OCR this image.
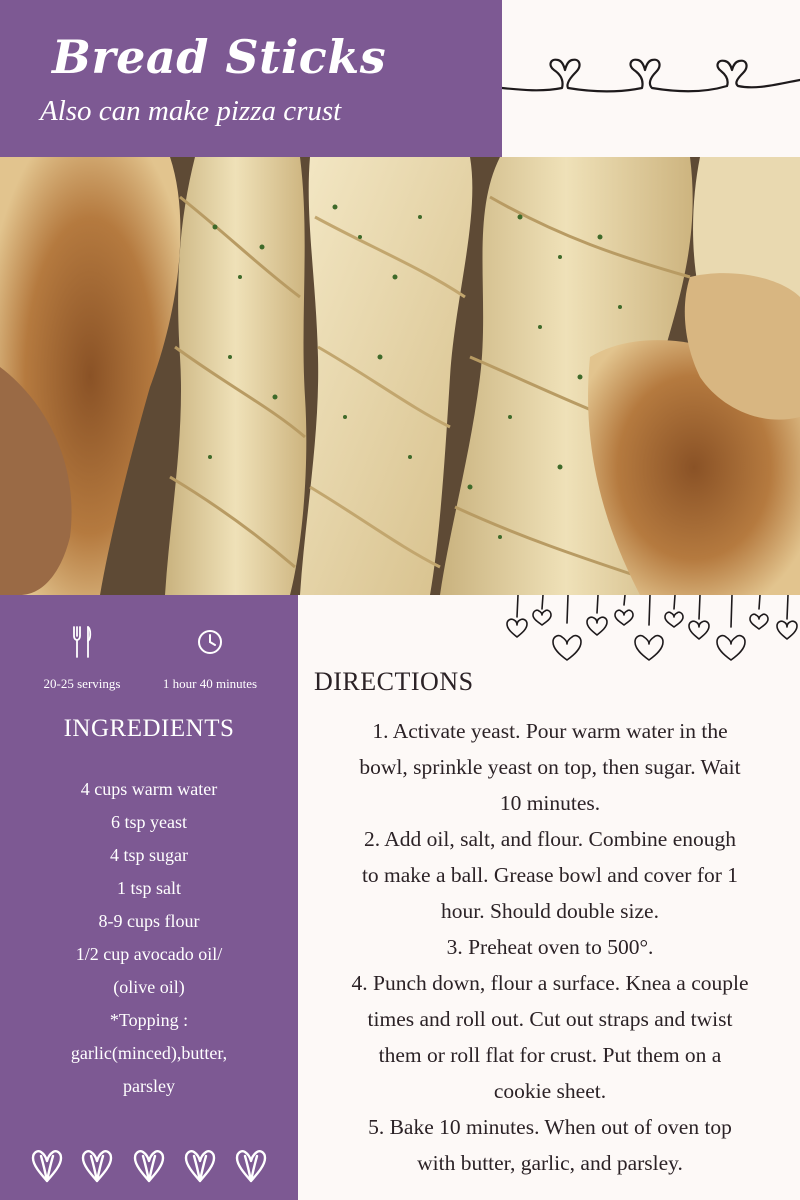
Bread Sticks
Also can make pizza crust
20-25 servings	1 hour 40 minutes
INGREDIENTS
4 cups warm water
6 tsp yeast
4 tsp sugar
1 tsp salt
8-9 cups flour
1/2 cup avocado oil/
(olive oil)
*Topping :
garlic(minced),butter,
parsley
DIRECTIONS
1. Activate yeast. Pour warm water in the
bowl, sprinkle yeast on top, then sugar. Wait
10 minutes.
2. Add oil, salt, and flour. Combine enough
to make a ball. Grease bowl and cover for 1
hour. Should double size.
3. Preheat oven to 500°.
4. Punch down, flour a surface. Knea a couple
times and roll out. Cut out straps and twist
them or roll flat for crust. Put them on a
cookie sheet.
5. Bake 10 minutes. When out of oven top
with butter, garlic, and parsley.
